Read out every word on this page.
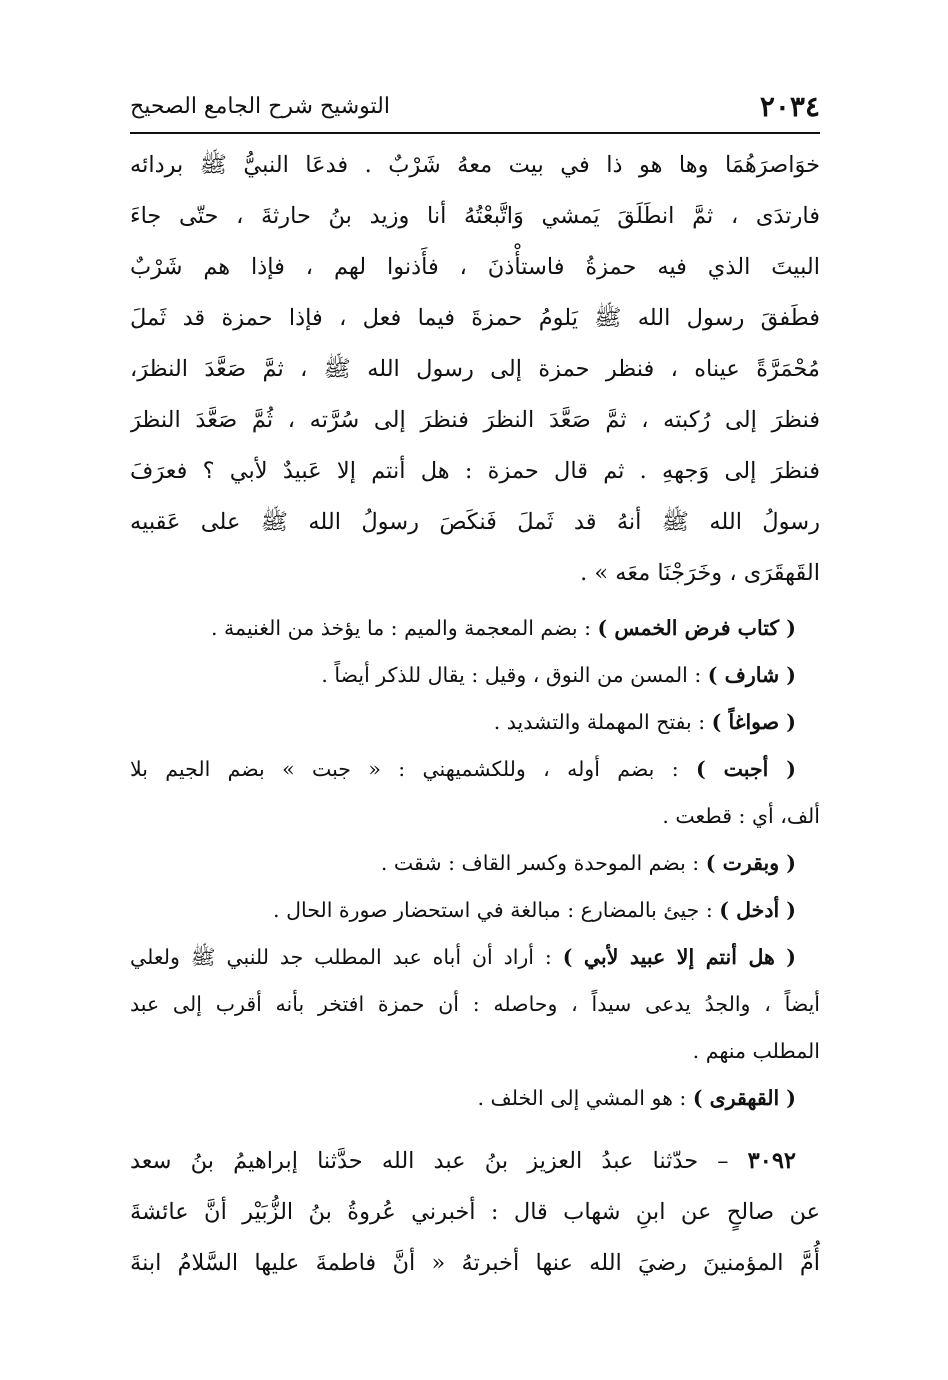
٢٠٣٤
التوشيح شرح الجامع الصحيح
خوَاصرَهُمَا وها هو ذا في بيت معهُ شَرْبٌ . فدعَا النبيُّ ﷺ بردائه
فارتدَى ، ثمَّ انطَلَقَ يَمشي وَاتَّبعْتُهُ أنا وزيد بنُ حارثةَ ، حتّى جاءَ
البيتَ الذي فيه حمزةُ فاستأْذنَ ، فأَذنوا لهم ، فإذا هم شَرْبٌ
فطَفقَ رسول الله ﷺ يَلومُ حمزةَ فيما فعل ، فإذا حمزة قد ثَملَ
مُحْمَرَّةً عيناه ، فنظر حمزة إلى رسول الله ﷺ ، ثمَّ صَعَّدَ النظرَ،
فنظرَ إلى رُكبته ، ثمَّ صَعَّدَ النظرَ فنظرَ إلى سُرَّته ، ثُمَّ صَعَّدَ النظرَ
فنظرَ إلى وَجههِ . ثم قال حمزة : هل أنتم إلا عَبيدٌ لأبي ؟ فعرَفَ
رسولُ الله ﷺ أنهُ قد ثَملَ فَنكَصَ رسولُ الله ﷺ على عَقبيه
القَهقَرَى ، وخَرَجْنَا معَه » .
( كتاب فرض الخمس ) : بضم المعجمة والميم : ما يؤخذ من الغنيمة .
( شارف ) : المسن من النوق ، وقيل : يقال للذكر أيضاً .
( صواغاً ) : بفتح المهملة والتشديد .
( أجبت ) : بضم أوله ، وللكشميهني : « جبت » بضم الجيم بلا
ألف، أي : قطعت .
( وبقرت ) : بضم الموحدة وكسر القاف : شقت .
( أدخل ) : جيئ بالمضارع : مبالغة في استحضار صورة الحال .
( هل أنتم إلا عبيد لأبي ) : أراد أن أباه عبد المطلب جد للنبي ﷺ ولعلي
أيضاً ، والجدُ يدعى سيداً ، وحاصله : أن حمزة افتخر بأنه أقرب إلى عبد
المطلب منهم .
( القهقرى ) : هو المشي إلى الخلف .
٣٠٩٢ – حدّثنا عبدُ العزيز بنُ عبد الله حدَّثنا إبراهيمُ بنُ سعد
عن صالحٍ عن ابنِ شهاب قال : أخبرني عُروةُ بنُ الزُّبَيْر أنَّ عائشةَ
أُمَّ المؤمنينَ رضيَ الله عنها أخبرتهُ « أنَّ فاطمةَ عليها السَّلامُ ابنةَ
